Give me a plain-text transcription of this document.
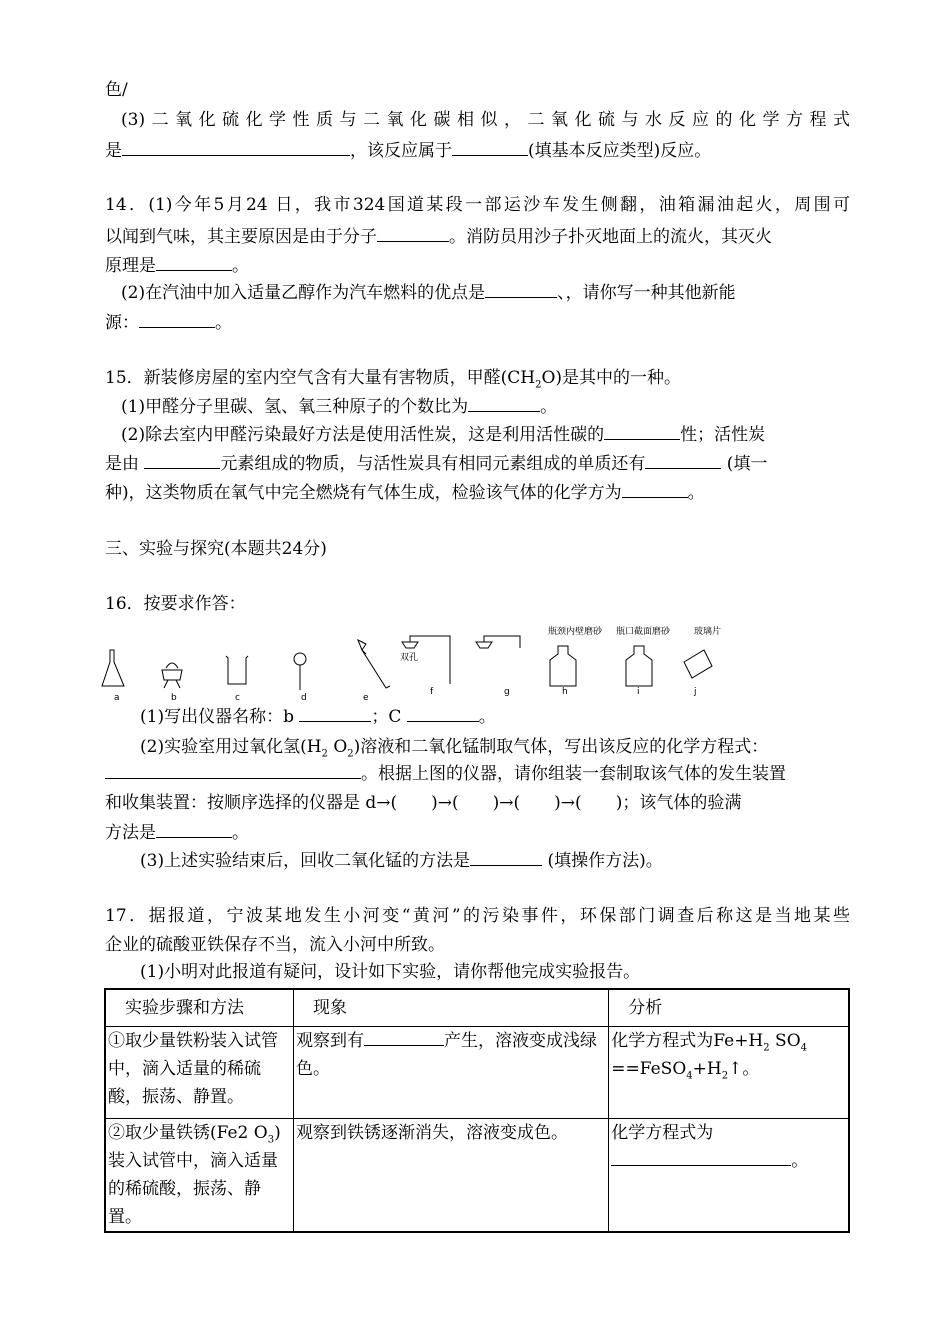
色/
(3)二氧化硫化学性质与二氧化碳相似，二氧化硫与水反应的化学方程式
是	，该反应属于	(填基本反应类型)反应。
14．(1)今年5月24 日，我市324国道某段一部运沙车发生侧翻，油箱漏油起火，周围可
以闻到气味，其主要原因是由于分子	。消防员用沙子扑灭地面上的流火，其灭火
原理是	。
(2)在汽油中加入适量乙醇作为汽车燃料的优点是	、，请你写一种其他新能
源：	。
15．新装修房屋的室内空气含有大量有害物质，甲醛$(CH_2O)$是其中的一种。
(1)甲醛分子里碳、氢、氧三种原子的个数比为	。
(2)除去室内甲醛污染最好方法是使用活性炭，这是利用活性碳的	性；活性炭
是由	元素组成的物质，与活性炭具有相同元素组成的单质还有	(填一
种)，这类物质在氧气中完全燃烧有气体生成，检验该气体的化学方为	。
三、实验与探究(本题共24分)
16．按要求作答：
a	b	c	d	e
f	g	h	i	j
双孔
瓶颈内壁磨砂 瓶口截面磨砂	玻璃片
(1)写出仪器名称：b	；C	。
(2)实验室用过氧化氢($H_2$ $O_2$)溶液和二氧化锰制取气体，写出该反应的化学方程式：
。根据上图的仪器，请你组装一套制取该气体的发生装置
和收集装置：按顺序选择的仪器是 d→(　　)→(　　)→(　　)→(　　)；该气体的验满
方法是	。
(3)上述实验结束后，回收二氧化锰的方法是	(填操作方法)。
17．据报道，宁波某地发生小河变“黄河”的污染事件，环保部门调查后称这是当地某些
企业的硫酸亚铁保存不当，流入小河中所致。
(1)小明对此报道有疑问，设计如下实验，请你帮他完成实验报告。
　实验步骤和方法	　现象	　分析
①取少量铁粉装入试管中，滴入适量的稀硫　酸，振荡、静置。	观察到有 产生，溶液变成浅绿色。	化学方程式为$Fe+H_2$ $SO_4$
$==FeSO_4+H_2↑$。
②取少量铁锈(Fe2 $O_3$)装入试管中，滴入适量的稀硫酸，振荡、静置。	观察到铁锈逐渐消失，溶液变成色。	化学方程式为
。
